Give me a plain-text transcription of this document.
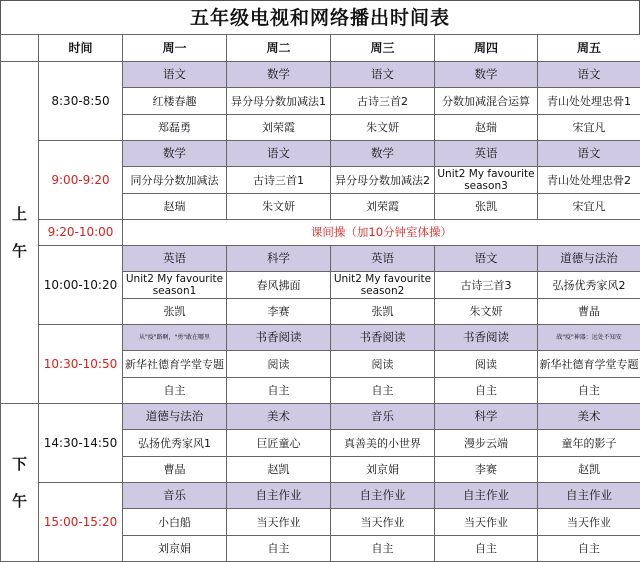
五年级电视和网络播出时间表
	时间	周一	周二	周三	周四	周五

上
午	8:30-8:50	语文	数学	语文	数学	语文
		红楼春趣	异分母分数加减法1	古诗三首2	分数加减混合运算	青山处处埋忠骨1
		郑磊勇	刘荣霞	朱文妍	赵瑞	宋宜凡
	9:00-9:20	数学	语文	数学	英语	语文
		同分母分数加减法	古诗三首1	异分母分数加减法2	Unit2 My favourite season3	青山处处埋忠骨2
		赵瑞	朱文妍	刘荣霞	张凯	宋宜凡
	9:20-10:00	课间操（加10分钟室体操）				
	10:00-10:20	英语	科学	英语	语文	道德与法治
		Unit2 My favourite season1	春风拂面	Unit2 My favourite season2	古诗三首3	弘扬优秀家风2
		张凯	李赛	张凯	朱文妍	曹晶
	10:30-10:50	从"疫"路啊，"勇"敢在哪里	书香阅读	书香阅读	书香阅读	战"疫"神器：远处不知安
		新华社德育学堂专题	阅读	阅读	阅读	新华社德育学堂专题
		自主	自主	自主	自主	自主

下
午	14:30-14:50	道德与法治	美术	音乐	科学	美术
		弘扬优秀家风1	巨匠童心	真善美的小世界	漫步云端	童年的影子
		曹晶	赵凯	刘京娟	李赛	赵凯
	15:00-15:20	音乐	自主作业	自主作业	自主作业	自主作业
		小白船	当天作业	当天作业	当天作业	当天作业
		刘京娟	自主	自主	自主	自主
